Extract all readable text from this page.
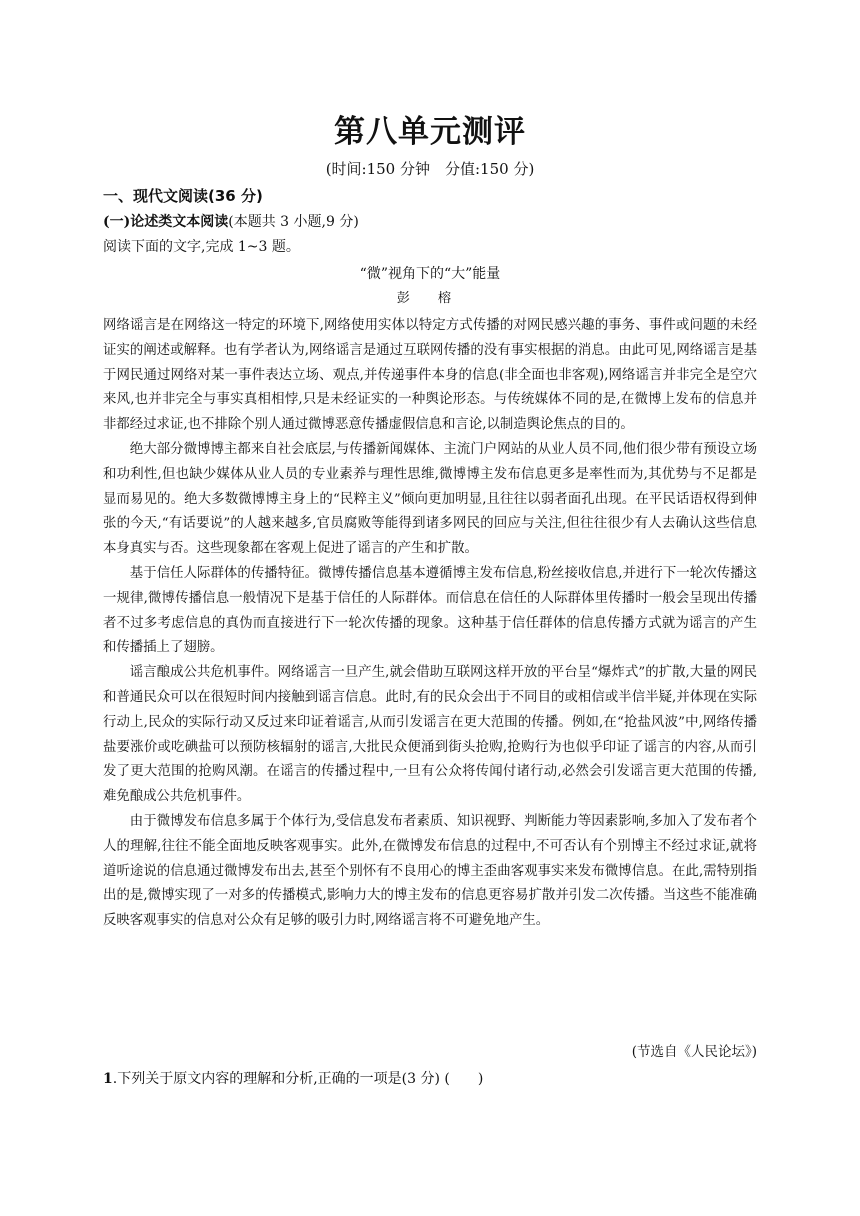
第八单元测评
(时间:150 分钟　分值:150 分)
一、现代文阅读(36 分)
(一)论述类文本阅读(本题共 3 小题,9 分)
阅读下面的文字,完成 1~3 题。
“微”视角下的“大”能量
彭 榕

网络谣言是在网络这一特定的环境下,网络使用实体以特定方式传播的对网民感兴趣的事务、事件或问题的未经证实的阐述或解释。也有学者认为,网络谣言是通过互联网传播的没有事实根据的消息。由此可见,网络谣言是基于网民通过网络对某一事件表达立场、观点,并传递事件本身的信息(非全面也非客观),网络谣言并非完全是空穴来风,也并非完全与事实真相相悖,只是未经证实的一种舆论形态。与传统媒体不同的是,在微博上发布的信息并非都经过求证,也不排除个别人通过微博恶意传播虚假信息和言论,以制造舆论焦点的目的。

绝大部分微博博主都来自社会底层,与传播新闻媒体、主流门户网站的从业人员不同,他们很少带有预设立场和功利性,但也缺少媒体从业人员的专业素养与理性思维,微博博主发布信息更多是率性而为,其优势与不足都是显而易见的。绝大多数微博博主身上的“民粹主义”倾向更加明显,且往往以弱者面孔出现。在平民话语权得到伸张的今天,“有话要说”的人越来越多,官员腐败等能得到诸多网民的回应与关注,但往往很少有人去确认这些信息本身真实与否。这些现象都在客观上促进了谣言的产生和扩散。

基于信任人际群体的传播特征。微博传播信息基本遵循博主发布信息,粉丝接收信息,并进行下一轮次传播这一规律,微博传播信息一般情况下是基于信任的人际群体。而信息在信任的人际群体里传播时一般会呈现出传播者不过多考虑信息的真伪而直接进行下一轮次传播的现象。这种基于信任群体的信息传播方式就为谣言的产生和传播插上了翅膀。

谣言酿成公共危机事件。网络谣言一旦产生,就会借助互联网这样开放的平台呈“爆炸式”的扩散,大量的网民和普通民众可以在很短时间内接触到谣言信息。此时,有的民众会出于不同目的或相信或半信半疑,并体现在实际行动上,民众的实际行动又反过来印证着谣言,从而引发谣言在更大范围的传播。例如,在“抢盐风波”中,网络传播盐要涨价或吃碘盐可以预防核辐射的谣言,大批民众便涌到街头抢购,抢购行为也似乎印证了谣言的内容,从而引发了更大范围的抢购风潮。在谣言的传播过程中,一旦有公众将传闻付诸行动,必然会引发谣言更大范围的传播,难免酿成公共危机事件。

由于微博发布信息多属于个体行为,受信息发布者素质、知识视野、判断能力等因素影响,多加入了发布者个人的理解,往往不能全面地反映客观事实。此外,在微博发布信息的过程中,不可否认有个别博主不经过求证,就将道听途说的信息通过微博发布出去,甚至个别怀有不良用心的博主歪曲客观事实来发布微博信息。在此,需特别指出的是,微博实现了一对多的传播模式,影响力大的博主发布的信息更容易扩散并引发二次传播。当这些不能准确反映客观事实的信息对公众有足够的吸引力时,网络谣言将不可避免地产生。

(节选自《人民论坛》)
1.下列关于原文内容的理解和分析,正确的一项是(3 分) ( )
